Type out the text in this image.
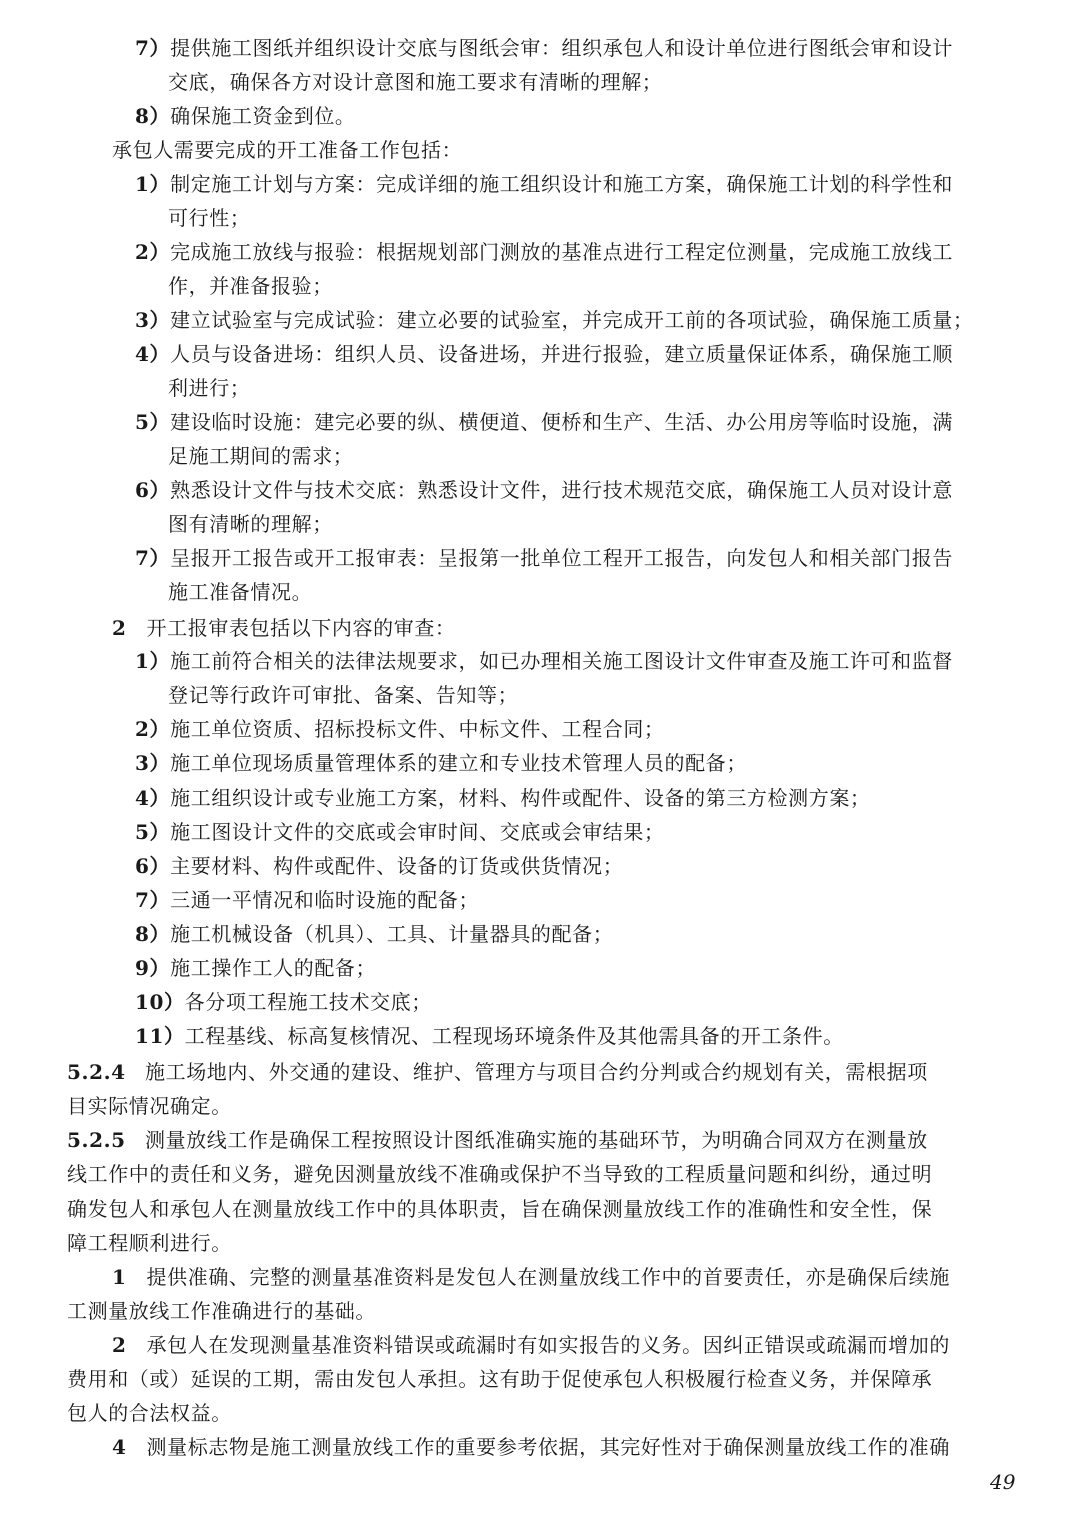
7）提供施工图纸并组织设计交底与图纸会审：组织承包人和设计单位进行图纸会审和设计
交底，确保各方对设计意图和施工要求有清晰的理解；
8）确保施工资金到位。
承包人需要完成的开工准备工作包括：
1）制定施工计划与方案：完成详细的施工组织设计和施工方案，确保施工计划的科学性和
可行性；
2）完成施工放线与报验：根据规划部门测放的基准点进行工程定位测量，完成施工放线工
作，并准备报验；
3）建立试验室与完成试验：建立必要的试验室，并完成开工前的各项试验，确保施工质量；
4）人员与设备进场：组织人员、设备进场，并进行报验，建立质量保证体系，确保施工顺
利进行；
5）建设临时设施：建完必要的纵、横便道、便桥和生产、生活、办公用房等临时设施，满
足施工期间的需求；
6）熟悉设计文件与技术交底：熟悉设计文件，进行技术规范交底，确保施工人员对设计意
图有清晰的理解；
7）呈报开工报告或开工报审表：呈报第一批单位工程开工报告，向发包人和相关部门报告
施工准备情况。
2 开工报审表包括以下内容的审查：
1）施工前符合相关的法律法规要求，如已办理相关施工图设计文件审查及施工许可和监督
登记等行政许可审批、备案、告知等；
2）施工单位资质、招标投标文件、中标文件、工程合同；
3）施工单位现场质量管理体系的建立和专业技术管理人员的配备；
4）施工组织设计或专业施工方案，材料、构件或配件、设备的第三方检测方案；
5）施工图设计文件的交底或会审时间、交底或会审结果；
6）主要材料、构件或配件、设备的订货或供货情况；
7）三通一平情况和临时设施的配备；
8）施工机械设备（机具）、工具、计量器具的配备；
9）施工操作工人的配备；
10）各分项工程施工技术交底；
11）工程基线、标高复核情况、工程现场环境条件及其他需具备的开工条件。
5.2.4 施工场地内、外交通的建设、维护、管理方与项目合约分判或合约规划有关，需根据项
目实际情况确定。
5.2.5 测量放线工作是确保工程按照设计图纸准确实施的基础环节，为明确合同双方在测量放
线工作中的责任和义务，避免因测量放线不准确或保护不当导致的工程质量问题和纠纷，通过明
确发包人和承包人在测量放线工作中的具体职责，旨在确保测量放线工作的准确性和安全性，保
障工程顺利进行。
1 提供准确、完整的测量基准资料是发包人在测量放线工作中的首要责任，亦是确保后续施
工测量放线工作准确进行的基础。
2 承包人在发现测量基准资料错误或疏漏时有如实报告的义务。因纠正错误或疏漏而增加的
费用和（或）延误的工期，需由发包人承担。这有助于促使承包人积极履行检查义务，并保障承
包人的合法权益。
4 测量标志物是施工测量放线工作的重要参考依据，其完好性对于确保测量放线工作的准确
49
